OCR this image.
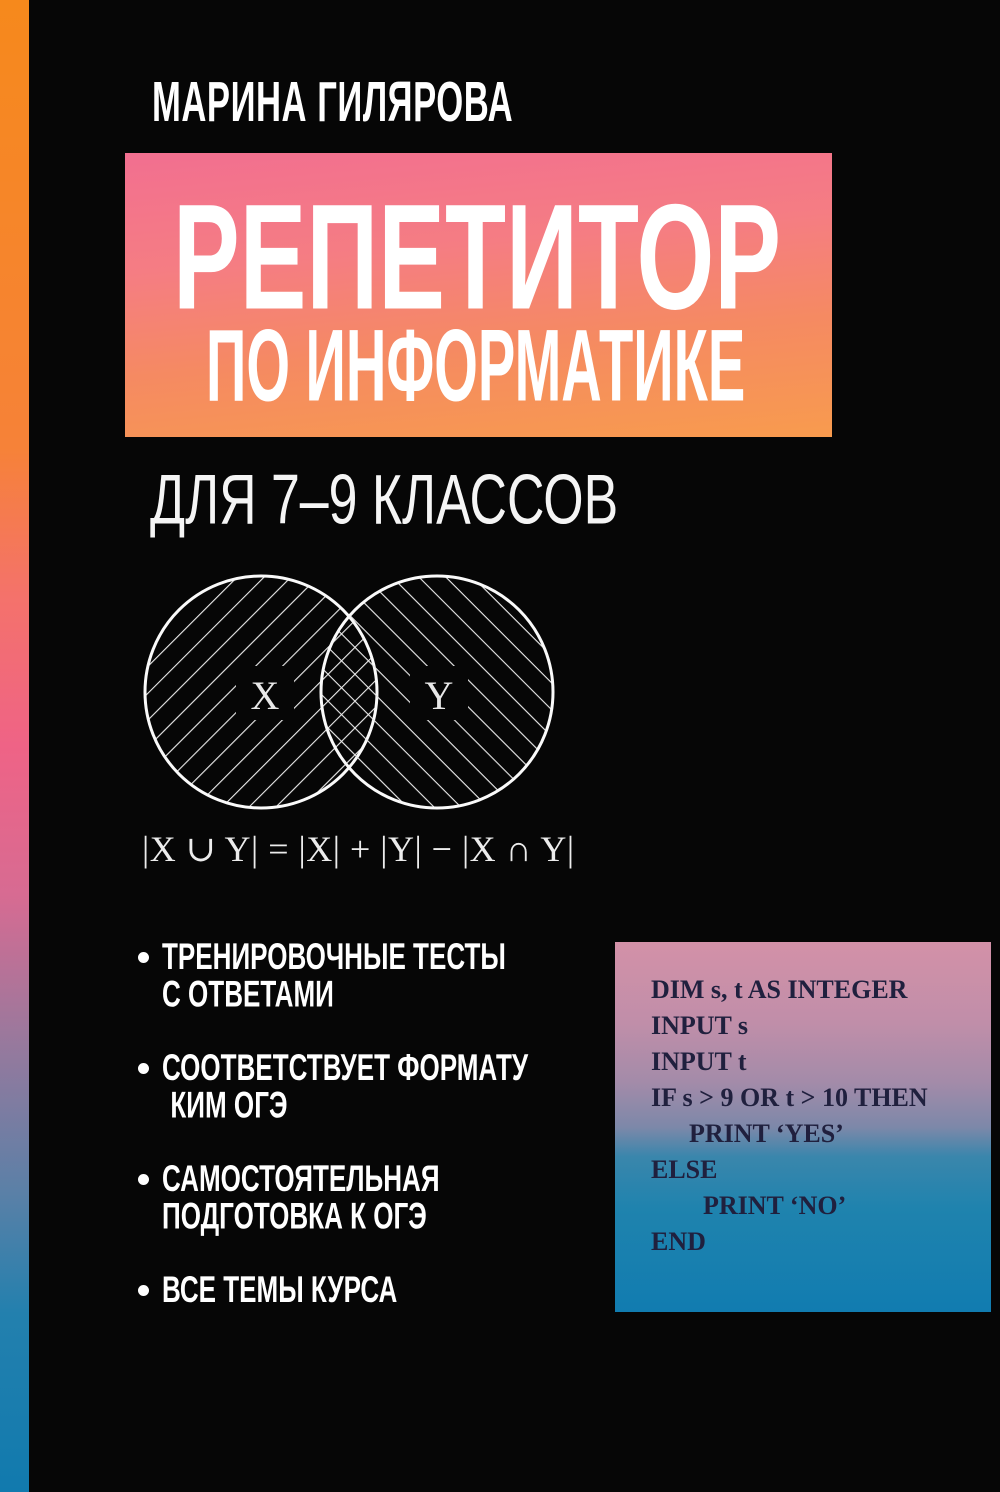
МАРИНА ГИЛЯРОВА
РЕПЕТИТОР
ПО ИНФОРМАТИКЕ
ДЛЯ 7–9 КЛАССОВ
X	Y
|X ∪ Y| = |X| + |Y| − |X ∩ Y|
ТРЕНИРОВОЧНЫЕ ТЕСТЫ
С ОТВЕТАМИ
СООТВЕТСТВУЕТ ФОРМАТУ
КИМ ОГЭ
САМОСТОЯТЕЛЬНАЯ
ПОДГОТОВКА К ОГЭ
ВСЕ ТЕМЫ КУРСА
DIM s, t AS INTEGER
INPUT s
INPUT t
IF s > 9 OR t > 10 THEN
PRINT ‘YES’
ELSE
PRINT ‘NO’
END
